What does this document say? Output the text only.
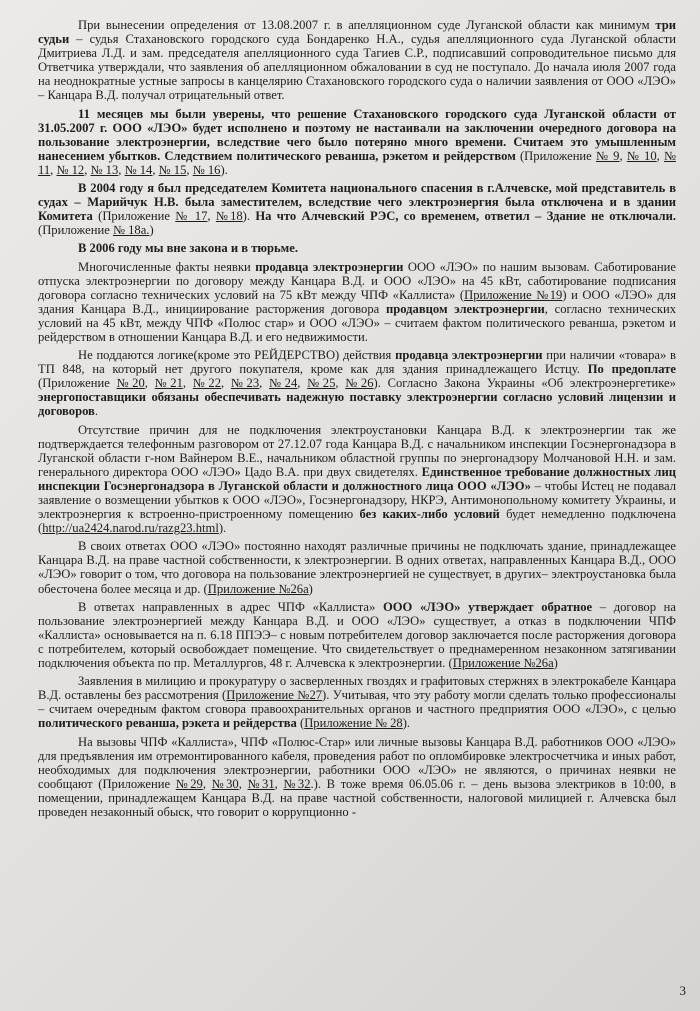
При вынесении определения от 13.08.2007 г. в апелляционном суде Луганской области как минимум три судьи – судья Стахановского городского суда Бондаренко Н.А., судья апелляционного суда Луганской области Дмитриева Л.Д. и зам. председателя апелляционного суда Тагиев С.Р., подписавший сопроводительное письмо для Ответчика утверждали, что заявления об апелляционном обжаловании в суд не поступало. До начала июля 2007 года на неоднократные устные запросы в канцелярию Стахановского городского суда о наличии заявления от ООО «ЛЭО» – Канцара В.Д. получал отрицательный ответ.

11 месяцев мы были уверены, что решение Стахановского городского суда Луганской области от 31.05.2007 г. ООО «ЛЭО» будет исполнено и поэтому не настаивали на заключении очередного договора на пользование электроэнергии, вследствие чего было потеряно много времени. Считаем это умышленным нанесением убытков. Следствием политического реванша, рэкетом и рейдерством (Приложение № 9, № 10, № 11, № 12, № 13, № 14, № 15, № 16).

В 2004 году я был председателем Комитета национального спасения в г.Алчевске, мой представитель в судах – Марийчук Н.В. была заместителем, вследствие чего электроэнергия была отключена и в здании Комитета (Приложение № 17, №18). На что Алчевский РЭС, со временем, ответил – Здание не отключали. (Приложение № 18а.)

В 2006 году мы вне закона и в тюрьме.

Многочисленные факты неявки продавца электроэнергии ООО «ЛЭО» по нашим вызовам. Саботирование отпуска электроэнергии по договору между Канцара В.Д. и ООО «ЛЭО» на 45 кВт, саботирование подписания договора согласно технических условий на 75 кВт между ЧПФ «Каллиста» (Приложение №19) и ООО «ЛЭО» для здания Канцара В.Д., инициирование расторжения договора продавцом электроэнергии, согласно технических условий на 45 кВт, между ЧПФ «Полюс стар» и ООО «ЛЭО» – считаем фактом политического реванша, рэкетом и рейдерством в отношении Канцара В.Д. и его недвижимости.

Не поддаются логике(кроме это РЕЙДЕРСТВО) действия продавца электроэнергии при наличии «товара» в ТП 848, на который нет другого покупателя, кроме как для здания принадлежащего Истцу. По предоплате (Приложение №20, №21, №22, №23, №24, №25, №26). Согласно Закона Украины «Об электроэнергетике» энергопоставщики обязаны обеспечивать надежную поставку электроэнергии согласно условий лицензии и договоров.

Отсутствие причин для не подключения электроустановки Канцара В.Д. к электроэнергии так же подтверждается телефонным разговором от 27.12.07 года Канцара В.Д. с начальником инспекции Госэнергонадзора в Луганской области г-ном Вайнером В.Е., начальником областной группы по энергонадзору Молчановой Н.Н. и зам. генерального директора ООО «ЛЭО» Цадо В.А. при двух свидетелях. Единственное требование должностных лиц инспекции Госэнергонадзора в Луганской области и должностного лица ООО «ЛЭО» – чтобы Истец не подавал заявление о возмещении убытков к ООО «ЛЭО», Госэнергонадзору, НКРЭ, Антимонопольному комитету Украины, и электроэнергия к встроенно-пристроенному помещению без каких-либо условий будет немедленно подключена (http://ua2424.narod.ru/razg23.html).

В своих ответах ООО «ЛЭО» постоянно находят различные причины не подключать здание, принадлежащее Канцара В.Д. на праве частной собственности, к электроэнергии. В одних ответах, направленных Канцара В.Д., ООО «ЛЭО» говорит о том, что договора на пользование электроэнергией не существует, в других– электроустановка была обесточена более месяца и др. (Приложение №26а)

В ответах направленных в адрес ЧПФ «Каллиста» ООО «ЛЭО» утверждает обратное – договор на пользование электроэнергией между Канцара В.Д. и ООО «ЛЭО» существует, а отказ в подключении ЧПФ «Каллиста» основывается на п. 6.18 ППЭЭ– с новым потребителем договор заключается после расторжения договора с потребителем, который освобождает помещение. Что свидетельствует о преднамеренном незаконном затягивании подключения объекта по пр. Металлургов, 48 г. Алчевска к электроэнергии. (Приложение №26а)

Заявления в милицию и прокуратуру о засверленных гвоздях и графитовых стержнях в электрокабеле Канцара В.Д. оставлены без рассмотрения (Приложение №27). Учитывая, что эту работу могли сделать только профессионалы – считаем очередным фактом сговора правоохранительных органов и частного предприятия ООО «ЛЭО», с целью политического реванша, рэкета и рейдерства (Приложение № 28).

На вызовы ЧПФ «Каллиста», ЧПФ «Полюс-Стар» или личные вызовы Канцара В.Д. работников ООО «ЛЭО» для предъявления им отремонтированного кабеля, проведения работ по опломбировке электросчетчика и иных работ, необходимых для подключения электроэнергии, работники ООО «ЛЭО» не являются, о причинах неявки не сообщают (Приложение №29, №30, №31, №32.). В тоже время 06.05.06 г. – день вызова электриков в 10:00, в помещении, принадлежащем Канцара В.Д. на праве частной собственности, налоговой милицией г. Алчевска был проведен незаконный обыск, что говорит о коррупционно -

3
